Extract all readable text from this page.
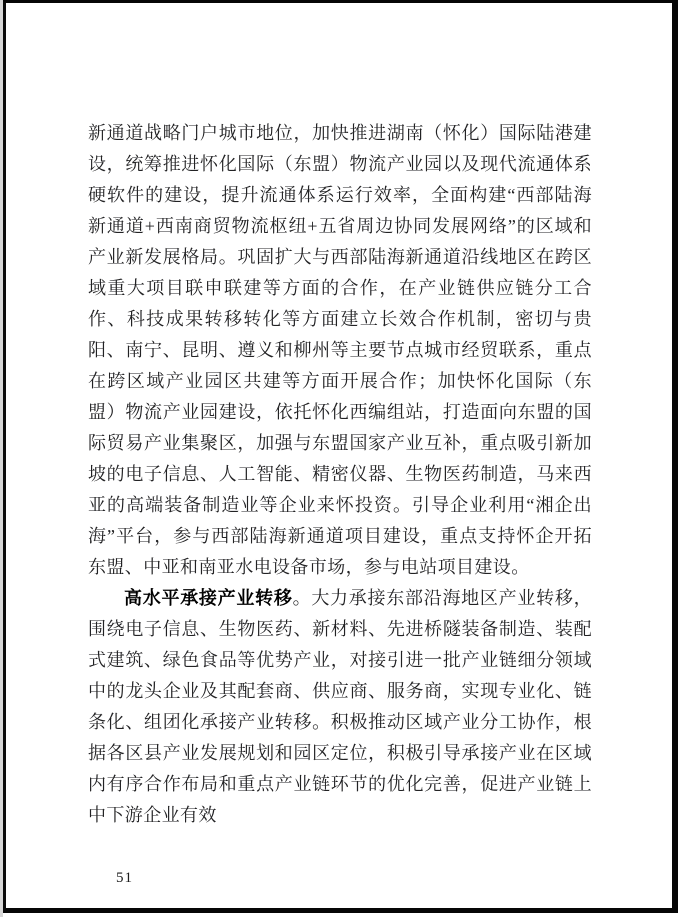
新通道战略门户城市地位，加快推进湖南（怀化）国际陆港建设，统筹推进怀化国际（东盟）物流产业园以及现代流通体系硬软件的建设，提升流通体系运行效率，全面构建“西部陆海新通道+西南商贸物流枢纽+五省周边协同发展网络”的区域和产业新发展格局。巩固扩大与西部陆海新通道沿线地区在跨区域重大项目联申联建等方面的合作，在产业链供应链分工合作、科技成果转移转化等方面建立长效合作机制，密切与贵阳、南宁、昆明、遵义和柳州等主要节点城市经贸联系，重点在跨区域产业园区共建等方面开展合作；加快怀化国际（东盟）物流产业园建设，依托怀化西编组站，打造面向东盟的国际贸易产业集聚区，加强与东盟国家产业互补，重点吸引新加坡的电子信息、人工智能、精密仪器、生物医药制造，马来西亚的高端装备制造业等企业来怀投资。引导企业利用“湘企出海”平台，参与西部陆海新通道项目建设，重点支持怀企开拓东盟、中亚和南亚水电设备市场，参与电站项目建设。

高水平承接产业转移。大力承接东部沿海地区产业转移，围绕电子信息、生物医药、新材料、先进桥隧装备制造、装配式建筑、绿色食品等优势产业，对接引进一批产业链细分领域中的龙头企业及其配套商、供应商、服务商，实现专业化、链条化、组团化承接产业转移。积极推动区域产业分工协作，根据各区县产业发展规划和园区定位，积极引导承接产业在区域内有序合作布局和重点产业链环节的优化完善，促进产业链上中下游企业有效

51
